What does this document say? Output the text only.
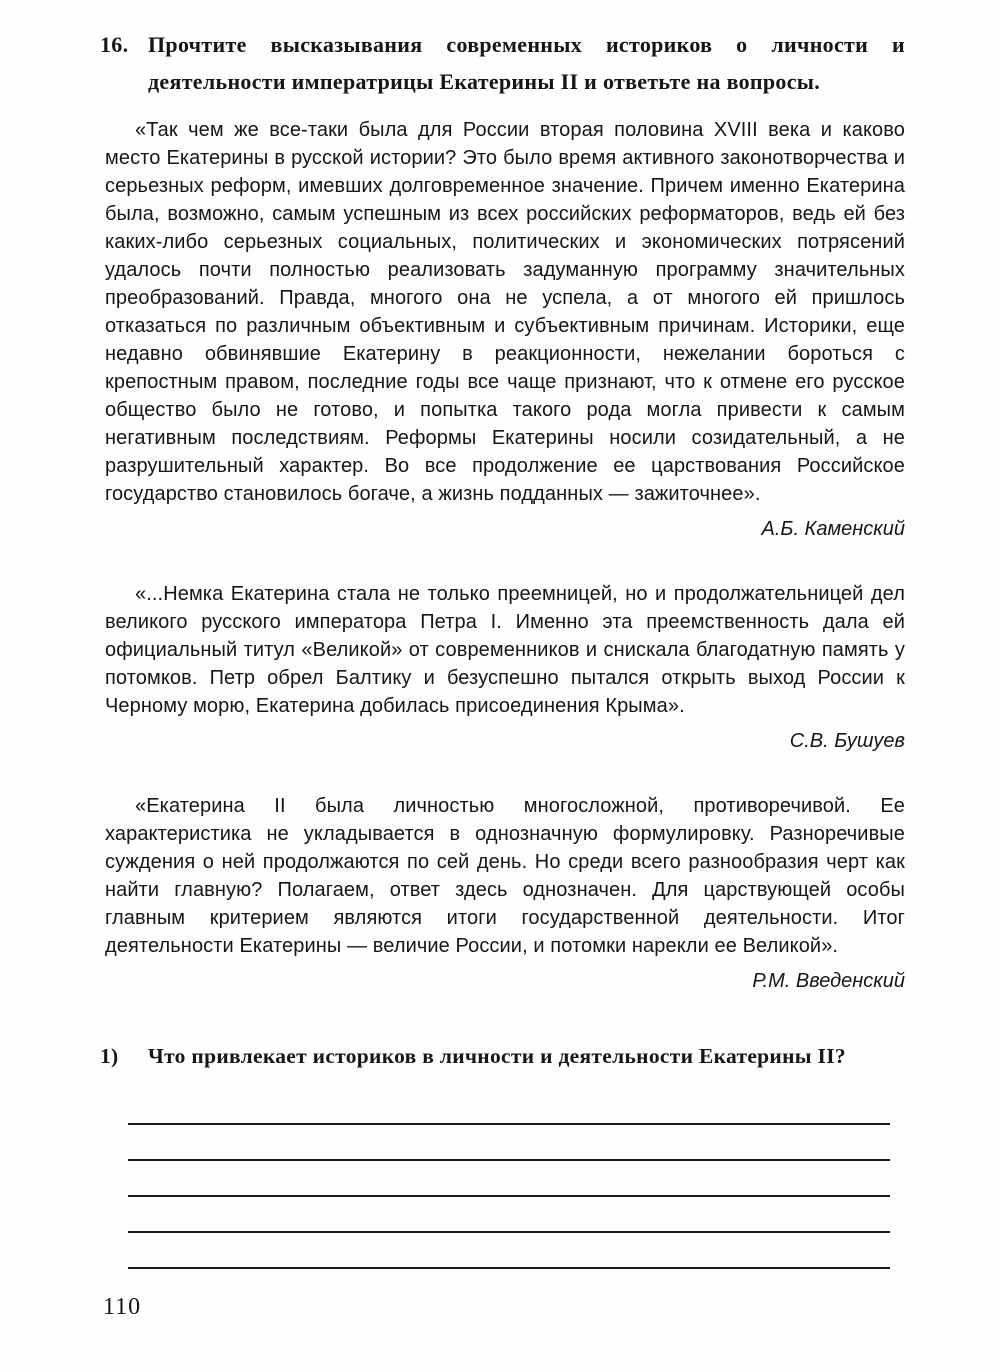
16. Прочтите высказывания современных историков о личности и деятельности императрицы Екатерины II и ответьте на вопросы.

«Так чем же все-таки была для России вторая половина XVIII века и каково место Екатерины в русской истории? Это было время активного законотворчества и серьезных реформ, имевших долговременное значение. Причем именно Екатерина была, возможно, самым успешным из всех российских реформаторов, ведь ей без каких-либо серьезных социальных, политических и экономических потрясений удалось почти полностью реализовать задуманную программу значительных преобразований. Правда, многого она не успела, а от многого ей пришлось отказаться по различным объективным и субъективным причинам. Историки, еще недавно обвинявшие Екатерину в реакционности, нежелании бороться с крепостным правом, последние годы все чаще признают, что к отмене его русское общество было не готово, и попытка такого рода могла привести к самым негативным последствиям. Реформы Екатерины носили созидательный, а не разрушительный характер. Во все продолжение ее царствования Российское государство становилось богаче, а жизнь подданных — зажиточнее».

А.Б. Каменский

«...Немка Екатерина стала не только преемницей, но и продолжательницей дел великого русского императора Петра I. Именно эта преемственность дала ей официальный титул «Великой» от современников и снискала благодатную память у потомков. Петр обрел Балтику и безуспешно пытался открыть выход России к Черному морю, Екатерина добилась присоединения Крыма».

С.В. Бушуев

«Екатерина II была личностью многосложной, противоречивой. Ее характеристика не укладывается в однозначную формулировку. Разноречивые суждения о ней продолжаются по сей день. Но среди всего разнообразия черт как найти главную? Полагаем, ответ здесь однозначен. Для царствующей особы главным критерием являются итоги государственной деятельности. Итог деятельности Екатерины — величие России, и потомки нарекли ее Великой».

Р.М. Введенский

1) Что привлекает историков в личности и деятельности Екатерины II?
110
